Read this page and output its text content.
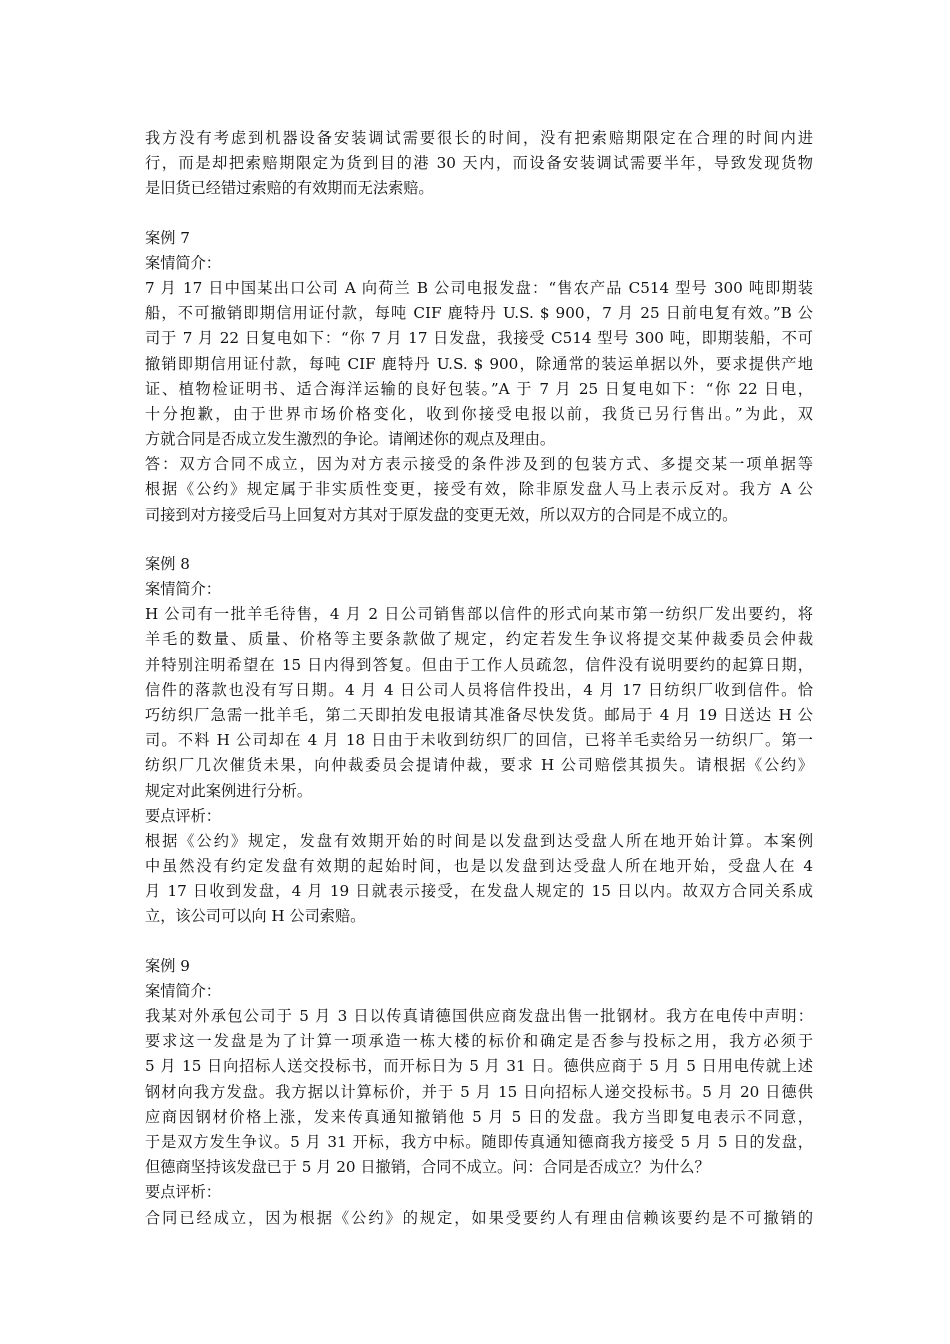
我方没有考虑到机器设备安装调试需要很长的时间，没有把索赔期限定在合理的时间内进
行，而是却把索赔期限定为货到目的港 30 天内，而设备安装调试需要半年，导致发现货物
是旧货已经错过索赔的有效期而无法索赔。
案例 7
案情简介：
7 月 17 日中国某出口公司 A 向荷兰 B 公司电报发盘：“售农产品 C514 型号 300 吨即期装
船，不可撤销即期信用证付款，每吨 CIF 鹿特丹 U.S. $ 900，7 月 25 日前电复有效。”B 公
司于 7 月 22 日复电如下：“你 7 月 17 日发盘，我接受 C514 型号 300 吨，即期装船，不可
撤销即期信用证付款，每吨 CIF 鹿特丹 U.S. $ 900，除通常的装运单据以外，要求提供产地
证、植物检证明书、适合海洋运输的良好包装。”A 于 7 月 25 日复电如下：“你 22 日电，
十分抱歉，由于世界市场价格变化，收到你接受电报以前，我货已另行售出。”为此，双
方就合同是否成立发生激烈的争论。请阐述你的观点及理由。
答：双方合同不成立，因为对方表示接受的条件涉及到的包装方式、多提交某一项单据等
根据《公约》规定属于非实质性变更，接受有效，除非原发盘人马上表示反对。我方 A 公
司接到对方接受后马上回复对方其对于原发盘的变更无效，所以双方的合同是不成立的。
案例 8
案情简介：
H 公司有一批羊毛待售，4 月 2 日公司销售部以信件的形式向某市第一纺织厂发出要约，将
羊毛的数量、质量、价格等主要条款做了规定，约定若发生争议将提交某仲裁委员会仲裁
并特别注明希望在 15 日内得到答复。但由于工作人员疏忽，信件没有说明要约的起算日期，
信件的落款也没有写日期。4 月 4 日公司人员将信件投出，4 月 17 日纺织厂收到信件。恰
巧纺织厂急需一批羊毛，第二天即拍发电报请其准备尽快发货。邮局于 4 月 19 日送达 H 公
司。不料 H 公司却在 4 月 18 日由于未收到纺织厂的回信，已将羊毛卖给另一纺织厂。第一
纺织厂几次催货未果，向仲裁委员会提请仲裁，要求 H 公司赔偿其损失。请根据《公约》
规定对此案例进行分析。
要点评析：
根据《公约》规定，发盘有效期开始的时间是以发盘到达受盘人所在地开始计算。本案例
中虽然没有约定发盘有效期的起始时间，也是以发盘到达受盘人所在地开始，受盘人在 4
月 17 日收到发盘，4 月 19 日就表示接受，在发盘人规定的 15 日以内。故双方合同关系成
立，该公司可以向 H 公司索赔。
案例 9
案情简介：
我某对外承包公司于 5 月 3 日以传真请德国供应商发盘出售一批钢材。我方在电传中声明：
要求这一发盘是为了计算一项承造一栋大楼的标价和确定是否参与投标之用，我方必须于
5 月 15 日向招标人送交投标书，而开标日为 5 月 31 日。德供应商于 5 月 5 日用电传就上述
钢材向我方发盘。我方据以计算标价，并于 5 月 15 日向招标人递交投标书。5 月 20 日德供
应商因钢材价格上涨，发来传真通知撤销他 5 月 5 日的发盘。我方当即复电表示不同意，
于是双方发生争议。5 月 31 开标，我方中标。随即传真通知德商我方接受 5 月 5 日的发盘，
但德商坚持该发盘已于 5 月 20 日撤销，合同不成立。问：合同是否成立？为什么？
要点评析：
合同已经成立，因为根据《公约》的规定，如果受要约人有理由信赖该要约是不可撤销的
